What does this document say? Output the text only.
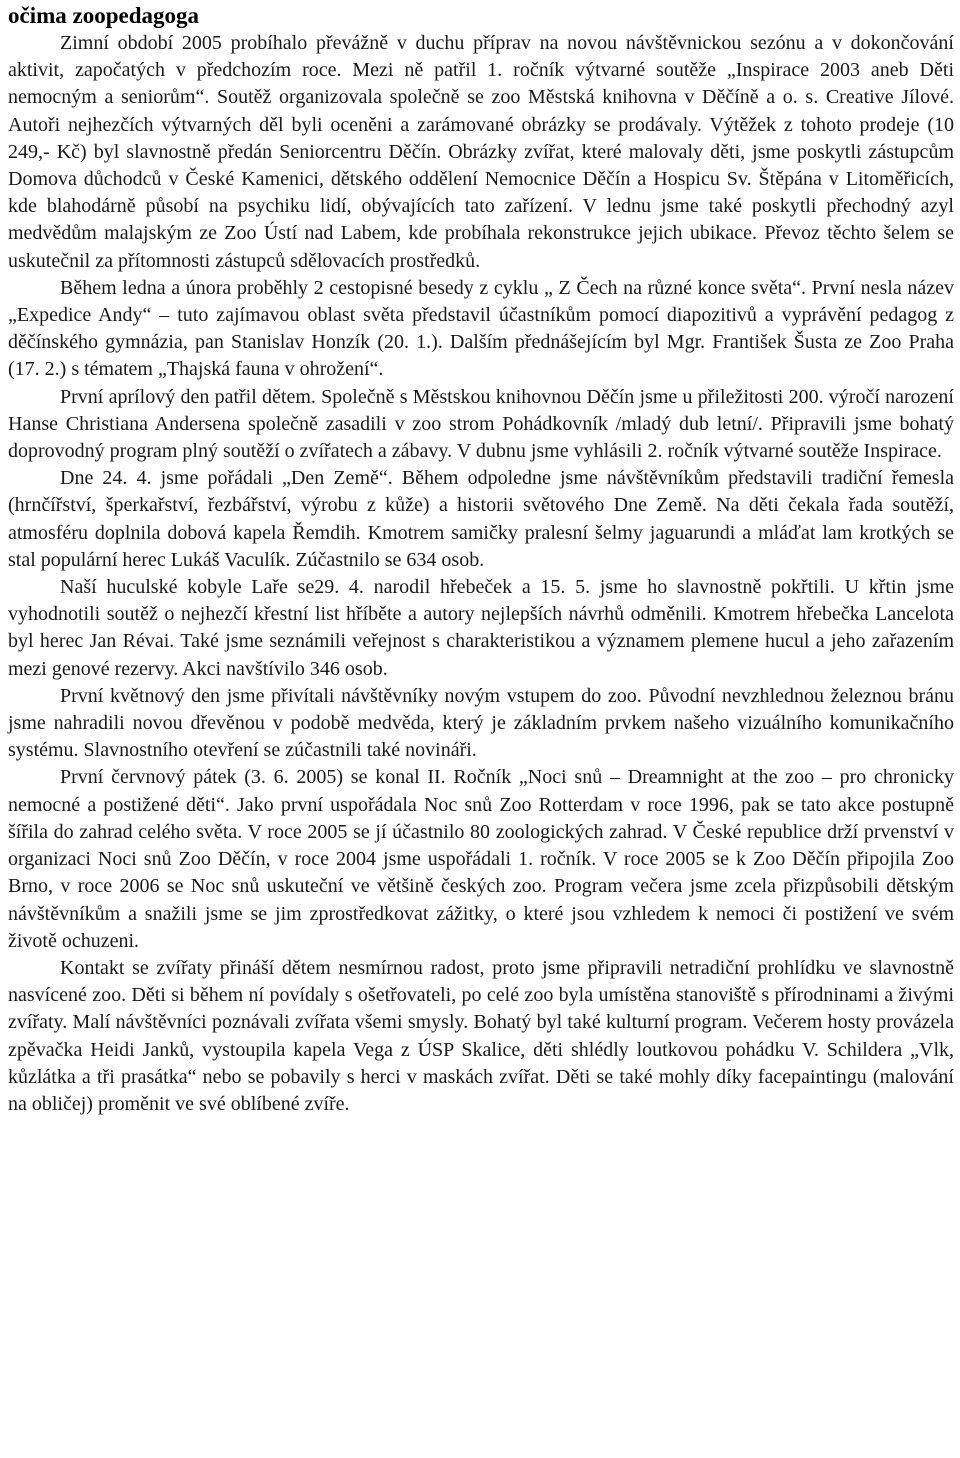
očima zoopedagoga

Zimní období 2005 probíhalo převážně v duchu příprav na novou návštěvnickou sezónu a v dokončování aktivit, započatých v předchozím roce. Mezi ně patřil 1. ročník výtvarné soutěže „Inspirace 2003 aneb Děti nemocným a seniorům“. Soutěž organizovala společně se zoo Městská knihovna v Děčíně a o. s. Creative Jílové. Autoři nejhezčích výtvarných děl byli oceněni a zarámované obrázky se prodávaly. Výtěžek z tohoto prodeje (10 249,- Kč) byl slavnostně předán Seniorcentru Děčín. Obrázky zvířat, které malovaly děti, jsme poskytli zástupcům Domova důchodců v České Kamenici, dětského oddělení Nemocnice Děčín a Hospicu Sv. Štěpána v Litoměřicích, kde blahodárně působí na psychiku lidí, obývajících tato zařízení. V lednu jsme také poskytli přechodný azyl medvědům malajským ze Zoo Ústí nad Labem, kde probíhala rekonstrukce jejich ubikace. Převoz těchto šelem se uskutečnil za přítomnosti zástupců sdělovacích prostředků.

Během ledna a února proběhly 2 cestopisné besedy z cyklu „ Z Čech na různé konce světa“. První nesla název „Expedice Andy“ – tuto zajímavou oblast světa představil účastníkům pomocí diapozitivů a vyprávění pedagog z děčínského gymnázia, pan Stanislav Honzík (20. 1.). Dalším přednášejícím byl Mgr. František Šusta ze Zoo Praha (17. 2.) s tématem „Thajská fauna v ohrožení“.

První aprílový den patřil dětem. Společně s Městskou knihovnou Děčín jsme u přiležitosti 200. výročí narození Hanse Christiana Andersena společně zasadili v zoo strom Pohádkovník /mladý dub letní/. Připravili jsme bohatý doprovodný program plný soutěží o zvířatech a zábavy. V dubnu jsme vyhlásili 2. ročník výtvarné soutěže Inspirace.

Dne 24. 4. jsme pořádali „Den Země“. Během odpoledne jsme návštěvníkům představili tradiční řemesla (hrnčířství, šperkařství, řezbářství, výrobu z kůže) a historii světového Dne Země. Na děti čekala řada soutěží, atmosféru doplnila dobová kapela Řemdih. Kmotrem samičky pralesní šelmy jaguarundi a mláďat lam krotkých se stal populární herec Lukáš Vaculík. Zúčastnilo se 634 osob.

Naší huculské kobyle Laře se29. 4. narodil hřebeček a 15. 5. jsme ho slavnostně pokřtili. U křtin jsme vyhodnotili soutěž o nejhezčí křestní list hříběte a autory nejlepších návrhů odměnili. Kmotrem hřebečka Lancelota byl herec Jan Révai. Také jsme seznámili veřejnost s charakteristikou a významem plemene hucul a jeho zařazením mezi genové rezervy. Akci navštívilo 346 osob.

První květnový den jsme přivítali návštěvníky novým vstupem do zoo. Původní nevzhlednou železnou bránu jsme nahradili novou dřevěnou v podobě medvěda, který je základním prvkem našeho vizuálního komunikačního systému. Slavnostního otevření se zúčastnili také novináři.

První červnový pátek (3. 6. 2005) se konal II. Ročník „Noci snů – Dreamnight at the zoo – pro chronicky nemocné a postižené děti“. Jako první uspořádala Noc snů Zoo Rotterdam v roce 1996, pak se tato akce postupně šířila do zahrad celého světa. V roce 2005 se jí účastnilo 80 zoologických zahrad. V České republice drží prvenství v organizaci Noci snů Zoo Děčín, v roce 2004 jsme uspořádali 1. ročník. V roce 2005 se k Zoo Děčín připojila Zoo Brno, v roce 2006 se Noc snů uskuteční ve většině českých zoo. Program večera jsme zcela přizpůsobili dětským návštěvníkům a snažili jsme se jim zprostředkovat zážitky, o které jsou vzhledem k nemoci či postižení ve svém životě ochuzeni.

Kontakt se zvířaty přináší dětem nesmírnou radost, proto jsme připravili netradiční prohlídku ve slavnostně nasvícené zoo. Děti si během ní povídaly s ošetřovateli, po celé zoo byla umístěna stanoviště s přírodninami a živými zvířaty. Malí návštěvníci poznávali zvířata všemi smysly. Bohatý byl také kulturní program. Večerem hosty provázela zpěvačka Heidi Janků, vystoupila kapela Vega z ÚSP Skalice, děti shlédly loutkovou pohádku V. Schildera „Vlk, kůzlátka a tři prasátka“ nebo se pobavily s herci v maskách zvířat. Děti se také mohly díky facepaintingu (malování na obličej) proměnit ve své oblíbené zvíře.
